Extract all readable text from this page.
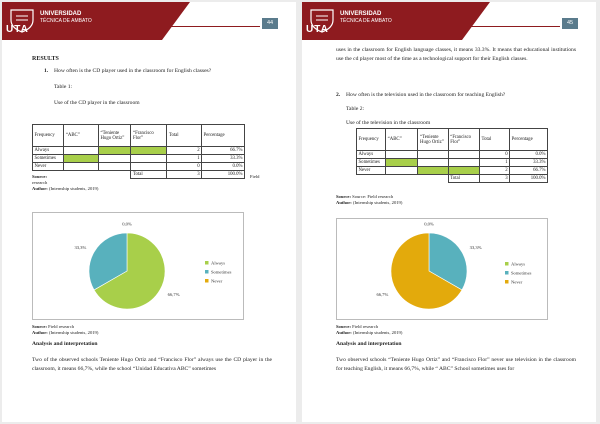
UTA
UNIVERSIDAD
TÉCNICA DE AMBATO	44
RESULTS
1. How often is the CD player used in the classroom for English classes?
Table 1:
Use of the CD player in the classroom
Frequency	“ABC”	“Teniente Hugo Ortiz”	“Francisco Flor”	Total	Percentage
Always				2	66.7%
Sometimes				1	33.3%
Never				0	0.0%
			Total	3	100.0%
Source:	Field
research
Author: (Internship students, 2019)
66,7%
33,3%
0,0%
Always
Sometimes
Never
Source: Field research
Author: (Internship students, 2019)
Analysis and interpretation
Two of the observed schools Teniente Hugo Ortiz and “Francisco Flor” always use the CD player in the classroom, it means 66,7%, while the school “Unidad Educativa ABC” sometimes
UTA
UNIVERSIDAD
TÉCNICA DE AMBATO	45
uses in the classroom for English language classes, it means 33.3%. It means that educational institutions use the cd player most of the time as a technological support for their English classes.
2. How often is the television used in the classroom for teaching English?
Table 2:
Use of the television in the classroom
Frequency	“ABC”	“Teniente Hugo Ortiz”	“Francisco Flor”	Total	Percentage
Always				0	0.0%
Sometimes				1	33.3%
Never				2	66.7%
			Total	3	100.0%
Source: Source: Field research
Author: (Internship students, 2019)
0,0%
33,3%
66,7%
Always
Sometimes
Never
Source: Field research
Author: (Internship students, 2019)
Analysis and interpretation
Two observed schools “Teniente Hugo Ortiz” and “Francisco Flor” never use television in the classroom for teaching English, it means 66,7%, while “ ABC” School sometimes uses for
